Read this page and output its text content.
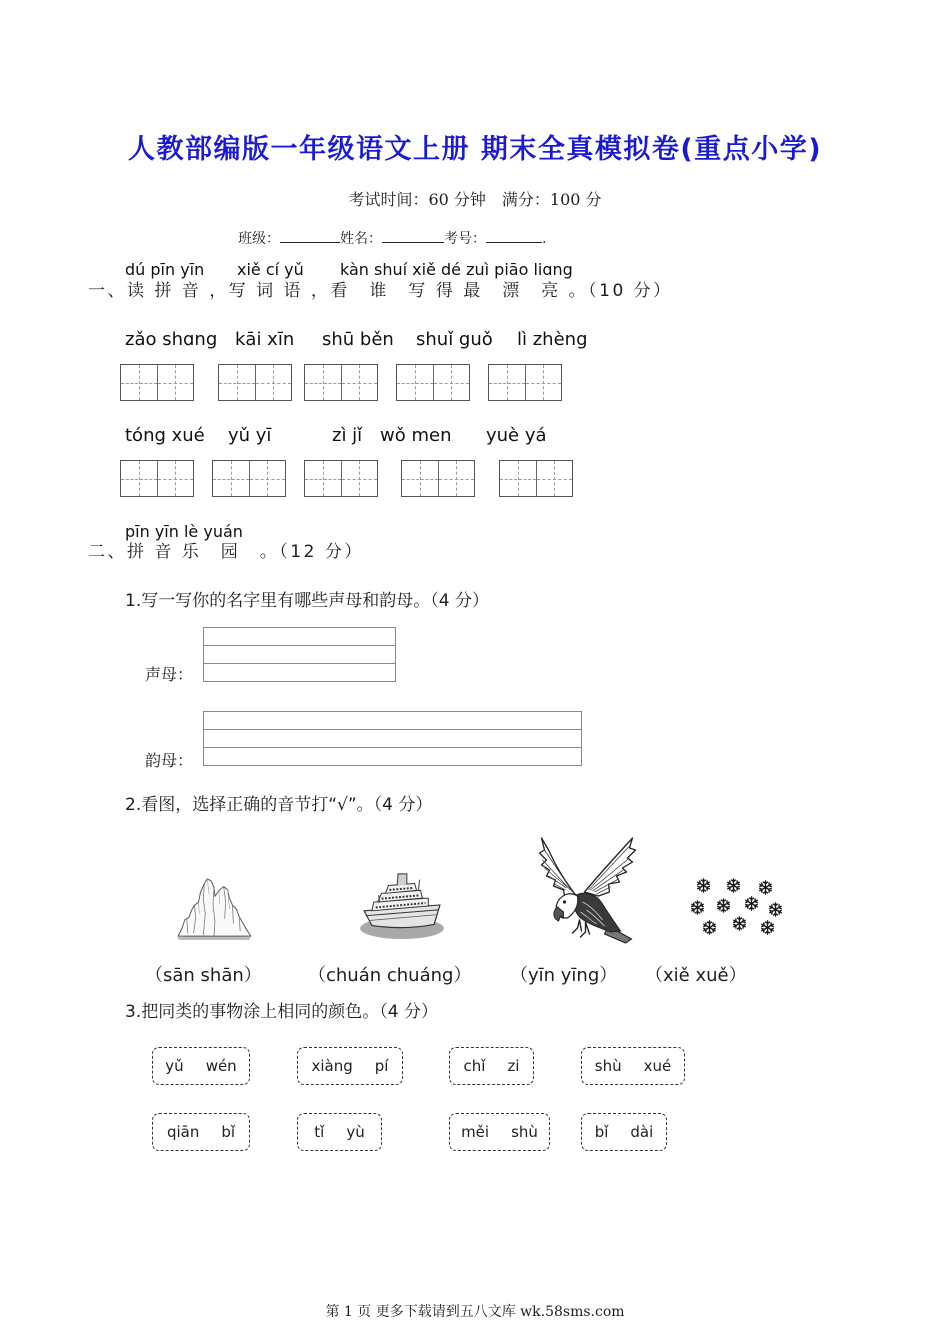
人教部编版一年级语文上册 期末全真模拟卷(重点小学)
考试时间：60 分钟　满分：100 分
班级：	姓名：	考号：	.
dú pīn yīn xiě cí yǔ kàn shuí xiě dé zuì piāo liɑng
一、读 拼 音 ，写 词 语 ，看　谁　写 得 最　漂　亮 。（10 分）
zǎo shɑng kāi xīn shū běn shuǐ guǒ lì zhèng
tóng xué yǔ yī	zì jǐ wǒ men yuè yá
pīn yīn lè yuán
二、拼 音 乐　园　。（12 分）
1.写一写你的名字里有哪些声母和韵母。（4 分）
声母：
韵母：
2.看图，选择正确的音节打“√”。（4 分）
（sān shān）	（chuán chuáng） （yīn yīng） （xiě xuě）
3.把同类的事物涂上相同的颜色。（4 分）
yǔ wén	xiàng pí	chǐ zi	shù xué
qiān bǐ	tǐ yù	měi shù	bǐ dài
第 1 页 更多下载请到五八文库 wk.58sms.com
